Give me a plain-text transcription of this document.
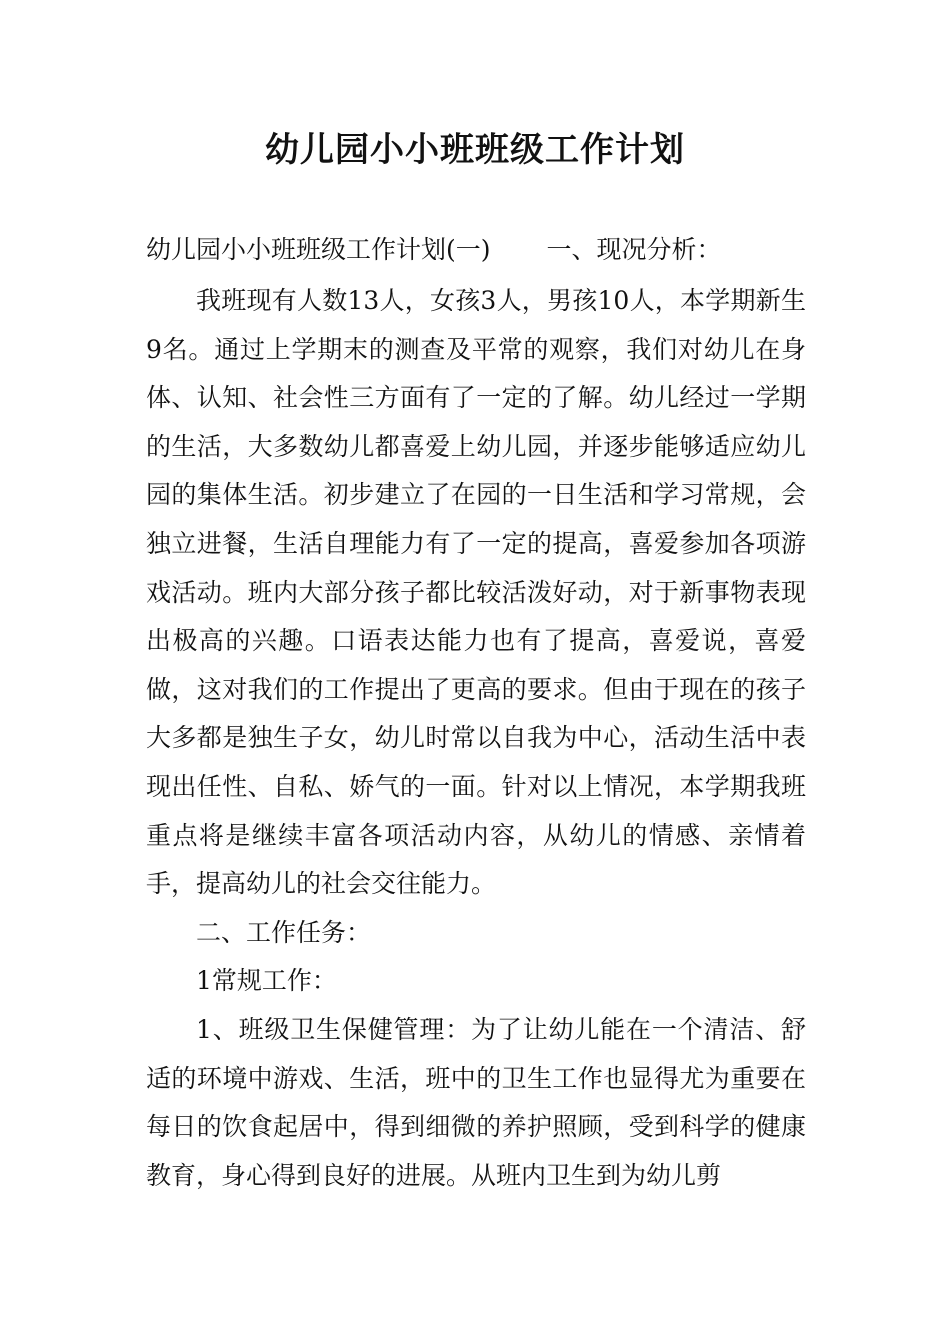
幼儿园小小班班级工作计划
幼儿园小小班班级工作计划(一) 一、现况分析：

我班现有人数13人，女孩3人，男孩10人，本学期新生9名。通过上学期末的测查及平常的观察，我们对幼儿在身体、认知、社会性三方面有了一定的了解。幼儿经过一学期的生活，大多数幼儿都喜爱上幼儿园，并逐步能够适应幼儿园的集体生活。初步建立了在园的一日生活和学习常规，会独立进餐，生活自理能力有了一定的提高，喜爱参加各项游戏活动。班内大部分孩子都比较活泼好动，对于新事物表现出极高的兴趣。口语表达能力也有了提高，喜爱说，喜爱做，这对我们的工作提出了更高的要求。但由于现在的孩子大多都是独生子女，幼儿时常以自我为中心，活动生活中表现出任性、自私、娇气的一面。针对以上情况，本学期我班重点将是继续丰富各项活动内容，从幼儿的情感、亲情着手，提高幼儿的社会交往能力。

二、工作任务：

1常规工作：

1、班级卫生保健管理：为了让幼儿能在一个清洁、舒适的环境中游戏、生活，班中的卫生工作也显得尤为重要在每日的饮食起居中，得到细微的养护照顾，受到科学的健康教育，身心得到良好的进展。从班内卫生到为幼儿剪
